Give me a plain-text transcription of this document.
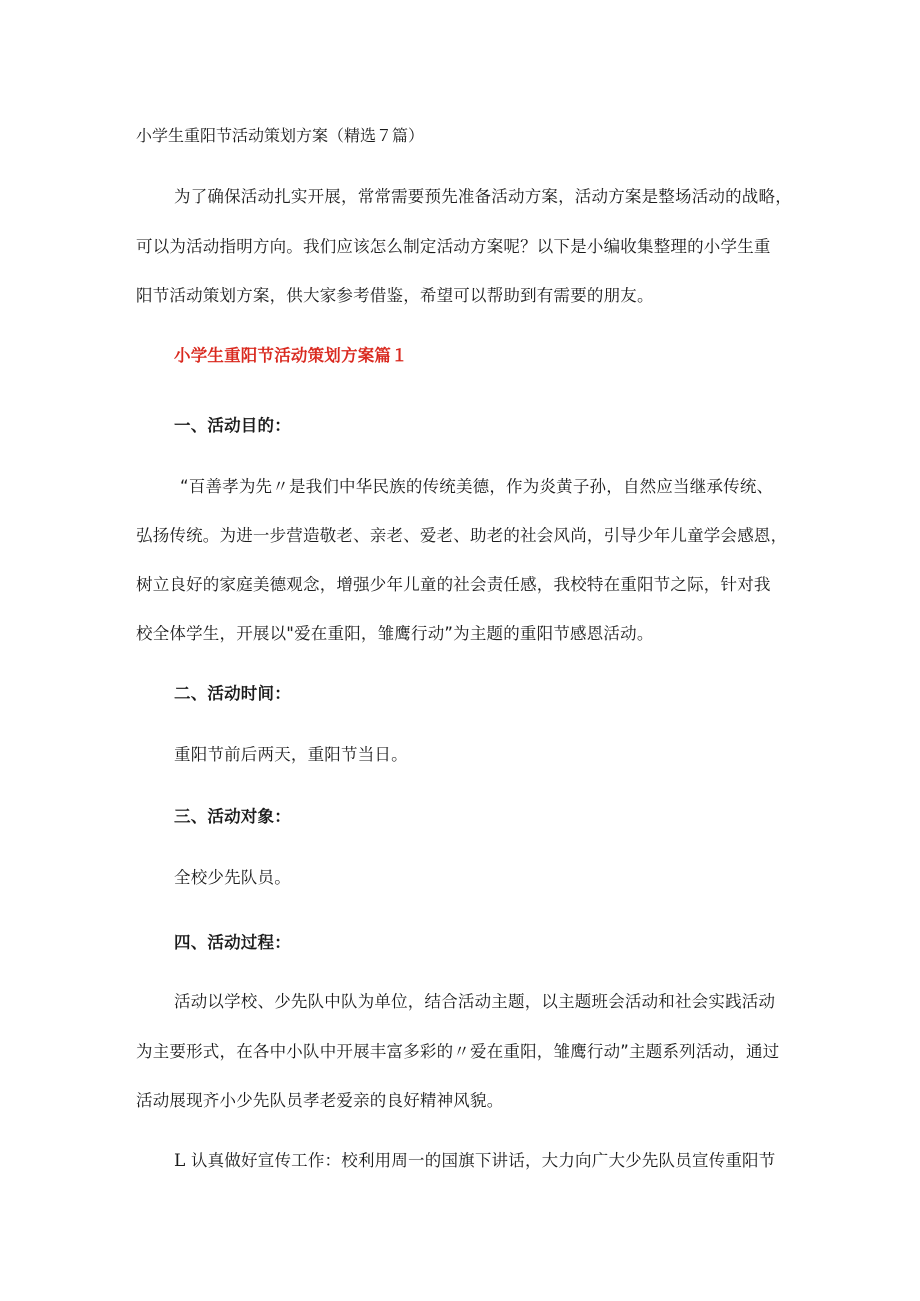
小学生重阳节活动策划方案（精选７篇）
为了确保活动扎实开展，常常需要预先准备活动方案，活动方案是整场活动的战略，
可以为活动指明方向。我们应该怎么制定活动方案呢？以下是小编收集整理的小学生重
阳节活动策划方案，供大家参考借鉴，希望可以帮助到有需要的朋友。
小学生重阳节活动策划方案篇１
一、活动目的：
“百善孝为先〃是我们中华民族的传统美德，作为炎黄子孙，自然应当继承传统、
弘扬传统。为进一步营造敬老、亲老、爱老、助老的社会风尚，引导少年儿童学会感恩，
树立良好的家庭美德观念，增强少年儿童的社会责任感，我校特在重阳节之际，针对我
校全体学生，开展以"爱在重阳，雏鹰行动”为主题的重阳节感恩活动。
二、活动时间：
重阳节前后两天，重阳节当日。
三、活动对象：
全校少先队员。
四、活动过程：
活动以学校、少先队中队为单位，结合活动主题，以主题班会活动和社会实践活动
为主要形式，在各中小队中开展丰富多彩的〃爱在重阳，雏鹰行动”主题系列活动，通过
活动展现齐小少先队员孝老爱亲的良好精神风貌。
L 认真做好宣传工作：校利用周一的国旗下讲话，大力向广大少先队员宣传重阳节
